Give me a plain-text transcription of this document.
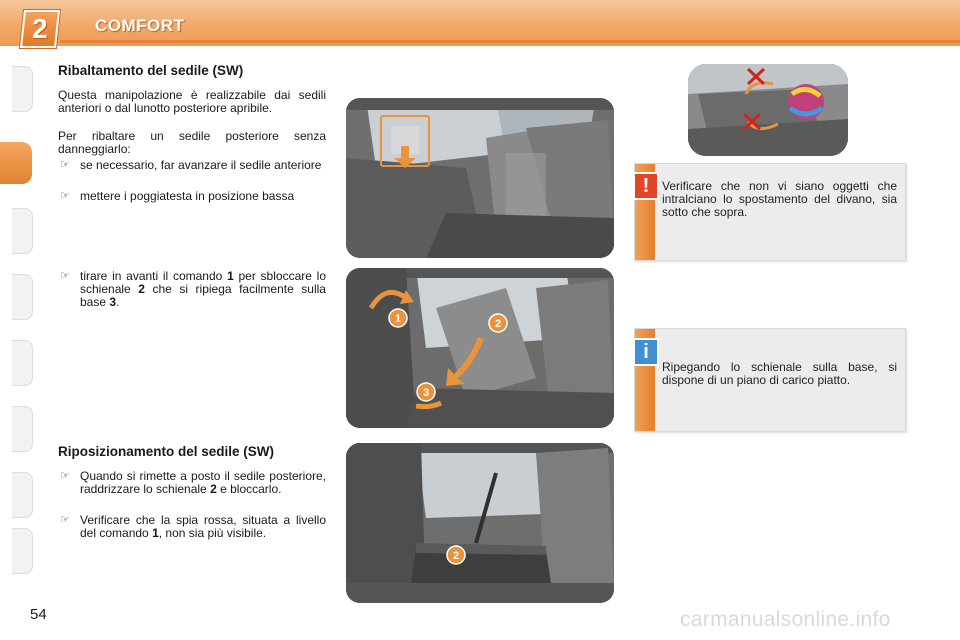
2	COMFORT
Ribaltamento del sedile (SW)
Questa manipolazione è realizzabile dai sedili anteriori o dal lunotto posteriore apribile.
Per ribaltare un sedile posteriore senza danneggiarlo:
☞ se necessario, far avanzare il sedile anteriore
☞ mettere i poggiatesta in posizione bassa
☞ tirare in avanti il comando 1 per sbloccare lo schienale 2 che si ripiega facilmente sulla base 3.
Riposizionamento del sedile (SW)
☞ Quando si rimette a posto il sedile posteriore, raddrizzare lo schienale 2 e bloccarlo.
☞ Verificare che la spia rossa, situata a livello del comando 1, non sia più visibile.
1	2
3
2
!	Verificare che non vi siano oggetti che intralciano lo spostamento del divano, sia sotto che sopra.
i
Ripegando lo schienale sulla base, si dispone di un piano di carico piatto.
54	carmanualsonline.info
